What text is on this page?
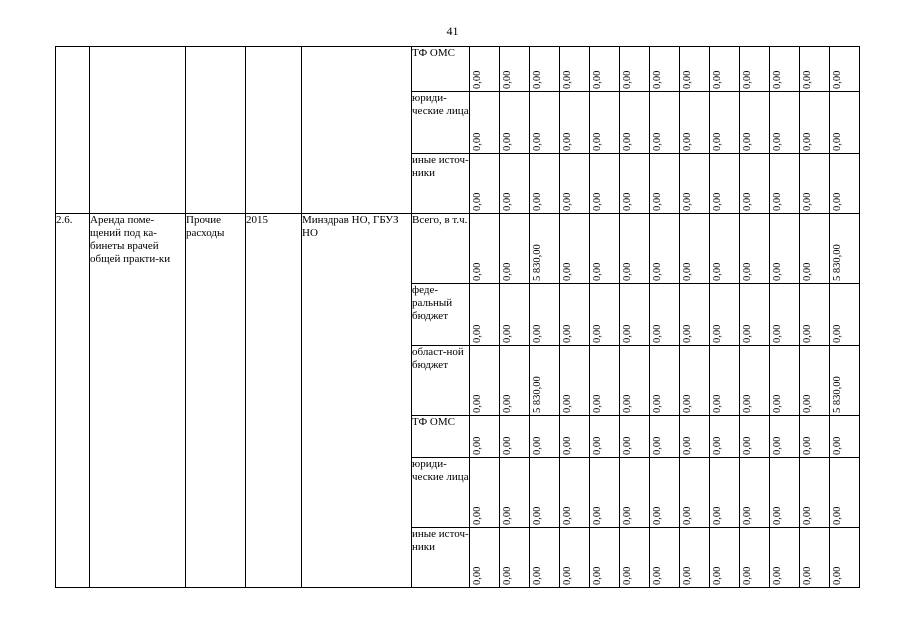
41
					ТФ ОМС	0,00	0,00	0,00	0,00	0,00	0,00	0,00	0,00	0,00	0,00	0,00	0,00	0,00

					юриди-ческие лица	0,00	0,00	0,00	0,00	0,00	0,00	0,00	0,00	0,00	0,00	0,00	0,00	0,00

					иные источ-ники	0,00	0,00	0,00	0,00	0,00	0,00	0,00	0,00	0,00	0,00	0,00	0,00	0,00

2.6.	Аренда поме-щений под ка-бинеты врачей общей практи-ки	Прочие расходы	2015	Минздрав НО, ГБУЗ НО	Всего, в т.ч.	0,00	0,00	5 830,00	0,00	0,00	0,00	0,00	0,00	0,00	0,00	0,00	0,00	5 830,00

					феде-ральный бюджет	0,00	0,00	0,00	0,00	0,00	0,00	0,00	0,00	0,00	0,00	0,00	0,00	0,00

					област-ной бюджет	0,00	0,00	5 830,00	0,00	0,00	0,00	0,00	0,00	0,00	0,00	0,00	0,00	5 830,00

					ТФ ОМС	0,00	0,00	0,00	0,00	0,00	0,00	0,00	0,00	0,00	0,00	0,00	0,00	0,00

					юриди-ческие лица	0,00	0,00	0,00	0,00	0,00	0,00	0,00	0,00	0,00	0,00	0,00	0,00	0,00

					иные источ-ники	0,00	0,00	0,00	0,00	0,00	0,00	0,00	0,00	0,00	0,00	0,00	0,00	0,00
